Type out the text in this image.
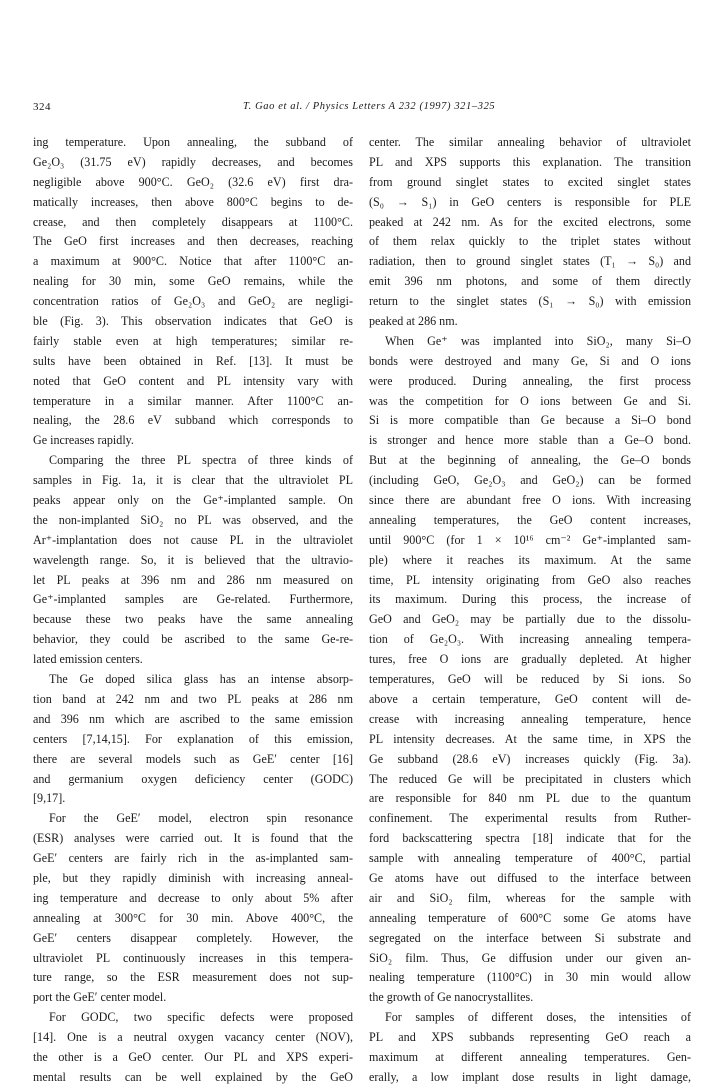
324	T. Gao et al. / Physics Letters A 232 (1997) 321–325
ing temperature. Upon annealing, the subband of
Ge₂O₃ (31.75 eV) rapidly decreases, and becomes
negligible above 900°C. GeO₂ (32.6 eV) first dra-
matically increases, then above 800°C begins to de-
crease, and then completely disappears at 1100°C.
The GeO first increases and then decreases, reaching
a maximum at 900°C. Notice that after 1100°C an-
nealing for 30 min, some GeO remains, while the
concentration ratios of Ge₂O₃ and GeO₂ are negligi-
ble (Fig. 3). This observation indicates that GeO is
fairly stable even at high temperatures; similar re-
sults have been obtained in Ref. [13]. It must be
noted that GeO content and PL intensity vary with
temperature in a similar manner. After 1100°C an-
nealing, the 28.6 eV subband which corresponds to
Ge increases rapidly.
Comparing the three PL spectra of three kinds of
samples in Fig. 1a, it is clear that the ultraviolet PL
peaks appear only on the Ge⁺-implanted sample. On
the non-implanted SiO₂ no PL was observed, and the
Ar⁺-implantation does not cause PL in the ultraviolet
wavelength range. So, it is believed that the ultravio-
let PL peaks at 396 nm and 286 nm measured on
Ge⁺-implanted samples are Ge-related. Furthermore,
because these two peaks have the same annealing
behavior, they could be ascribed to the same Ge-re-
lated emission centers.
The Ge doped silica glass has an intense absorp-
tion band at 242 nm and two PL peaks at 286 nm
and 396 nm which are ascribed to the same emission
centers [7,14,15]. For explanation of this emission,
there are several models such as GeE′ center [16]
and germanium oxygen deficiency center (GODC)
[9,17].
For the GeE′ model, electron spin resonance
(ESR) analyses were carried out. It is found that the
GeE′ centers are fairly rich in the as-implanted sam-
ple, but they rapidly diminish with increasing anneal-
ing temperature and decrease to only about 5% after
annealing at 300°C for 30 min. Above 400°C, the
GeE′ centers disappear completely. However, the
ultraviolet PL continuously increases in this tempera-
ture range, so the ESR measurement does not sup-
port the GeE′ center model.
For GODC, two specific defects were proposed
[14]. One is a neutral oxygen vacancy center (NOV),
the other is a GeO center. Our PL and XPS experi-
mental results can be well explained by the GeO
center. The similar annealing behavior of ultraviolet
PL and XPS supports this explanation. The transition
from ground singlet states to excited singlet states
(S₀ → S₁) in GeO centers is responsible for PLE
peaked at 242 nm. As for the excited electrons, some
of them relax quickly to the triplet states without
radiation, then to ground singlet states (T₁ → S₀) and
emit 396 nm photons, and some of them directly
return to the singlet states (S₁ → S₀) with emission
peaked at 286 nm.
When Ge⁺ was implanted into SiO₂, many Si–O
bonds were destroyed and many Ge, Si and O ions
were produced. During annealing, the first process
was the competition for O ions between Ge and Si.
Si is more compatible than Ge because a Si–O bond
is stronger and hence more stable than a Ge–O bond.
But at the beginning of annealing, the Ge–O bonds
(including GeO, Ge₂O₃ and GeO₂) can be formed
since there are abundant free O ions. With increasing
annealing temperatures, the GeO content increases,
until 900°C (for 1 × 10¹⁶ cm⁻² Ge⁺-implanted sam-
ple) where it reaches its maximum. At the same
time, PL intensity originating from GeO also reaches
its maximum. During this process, the increase of
GeO and GeO₂ may be partially due to the dissolu-
tion of Ge₂O₃. With increasing annealing tempera-
tures, free O ions are gradually depleted. At higher
temperatures, GeO will be reduced by Si ions. So
above a certain temperature, GeO content will de-
crease with increasing annealing temperature, hence
PL intensity decreases. At the same time, in XPS the
Ge subband (28.6 eV) increases quickly (Fig. 3a).
The reduced Ge will be precipitated in clusters which
are responsible for 840 nm PL due to the quantum
confinement. The experimental results from Ruther-
ford backscattering spectra [18] indicate that for the
sample with annealing temperature of 400°C, partial
Ge atoms have out diffused to the interface between
air and SiO₂ film, whereas for the sample with
annealing temperature of 600°C some Ge atoms have
segregated on the interface between Si substrate and
SiO₂ film. Thus, Ge diffusion under our given an-
nealing temperature (1100°C) in 30 min would allow
the growth of Ge nanocrystallites.
For samples of different doses, the intensities of
PL and XPS subbands representing GeO reach a
maximum at different annealing temperatures. Gen-
erally, a low implant dose results in light damage,
